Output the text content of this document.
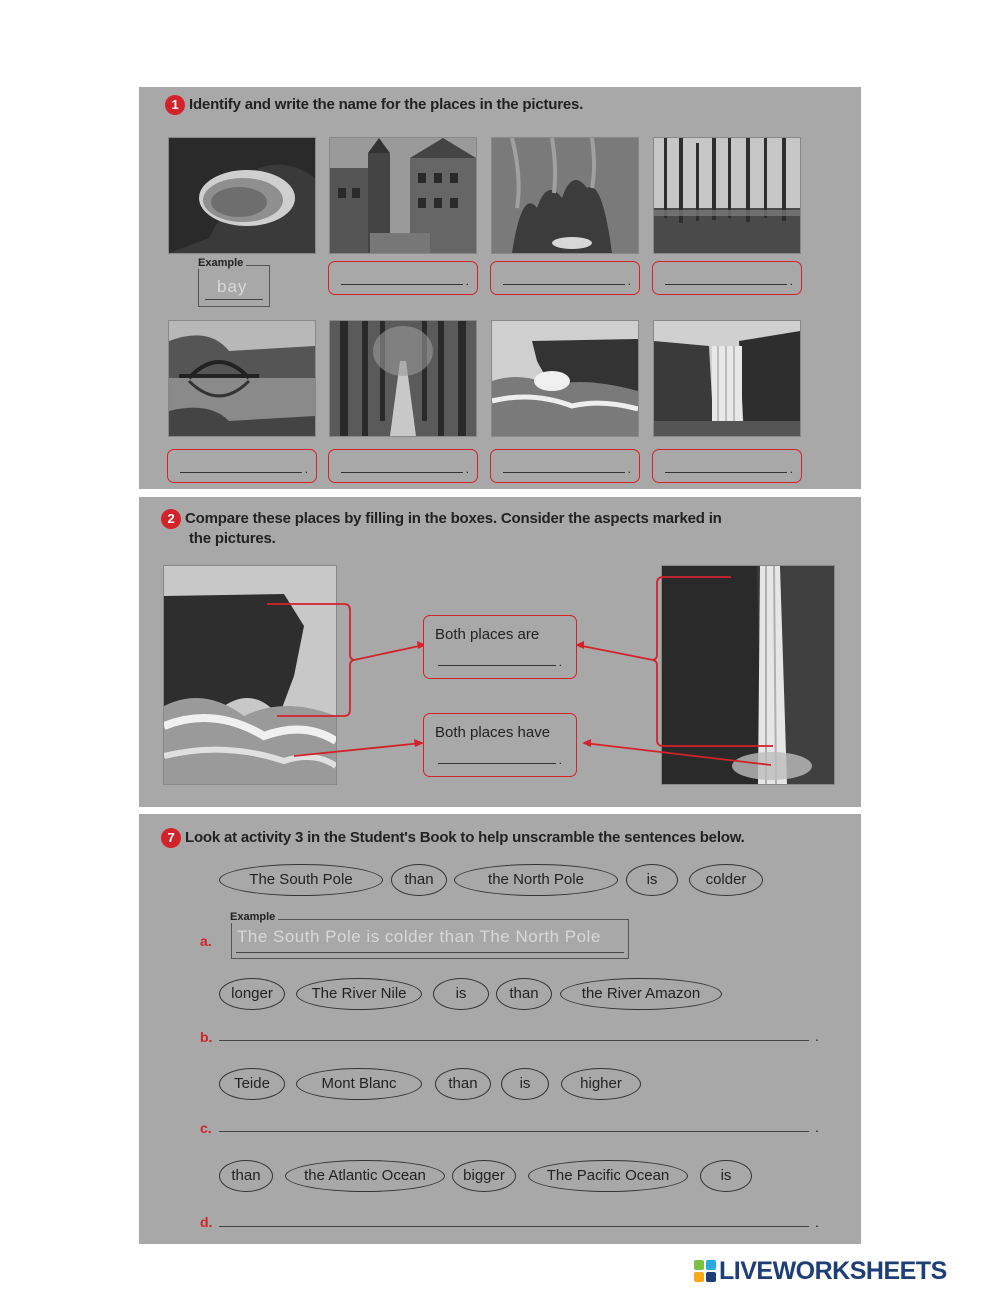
1 Identify and write the name for the places in the pictures.
Example
bay	.	.	.
.	.	.	.
2 Compare these places by filling in the boxes. Consider the aspects marked in
the pictures.
Both places are
.
Both places have
.
7 Look at activity 3 in the Student's Book to help unscramble the sentences below.
The South Pole	than	the North Pole	is	colder
a.
Example
The South Pole is colder than The North Pole
longer	The River Nile	is	than	the River Amazon
b.	.
Teide	Mont Blanc	than	is	higher
c.	.
than	the Atlantic Ocean	bigger	The Pacific Ocean	is
d.	.
LIVEWORKSHEETS
